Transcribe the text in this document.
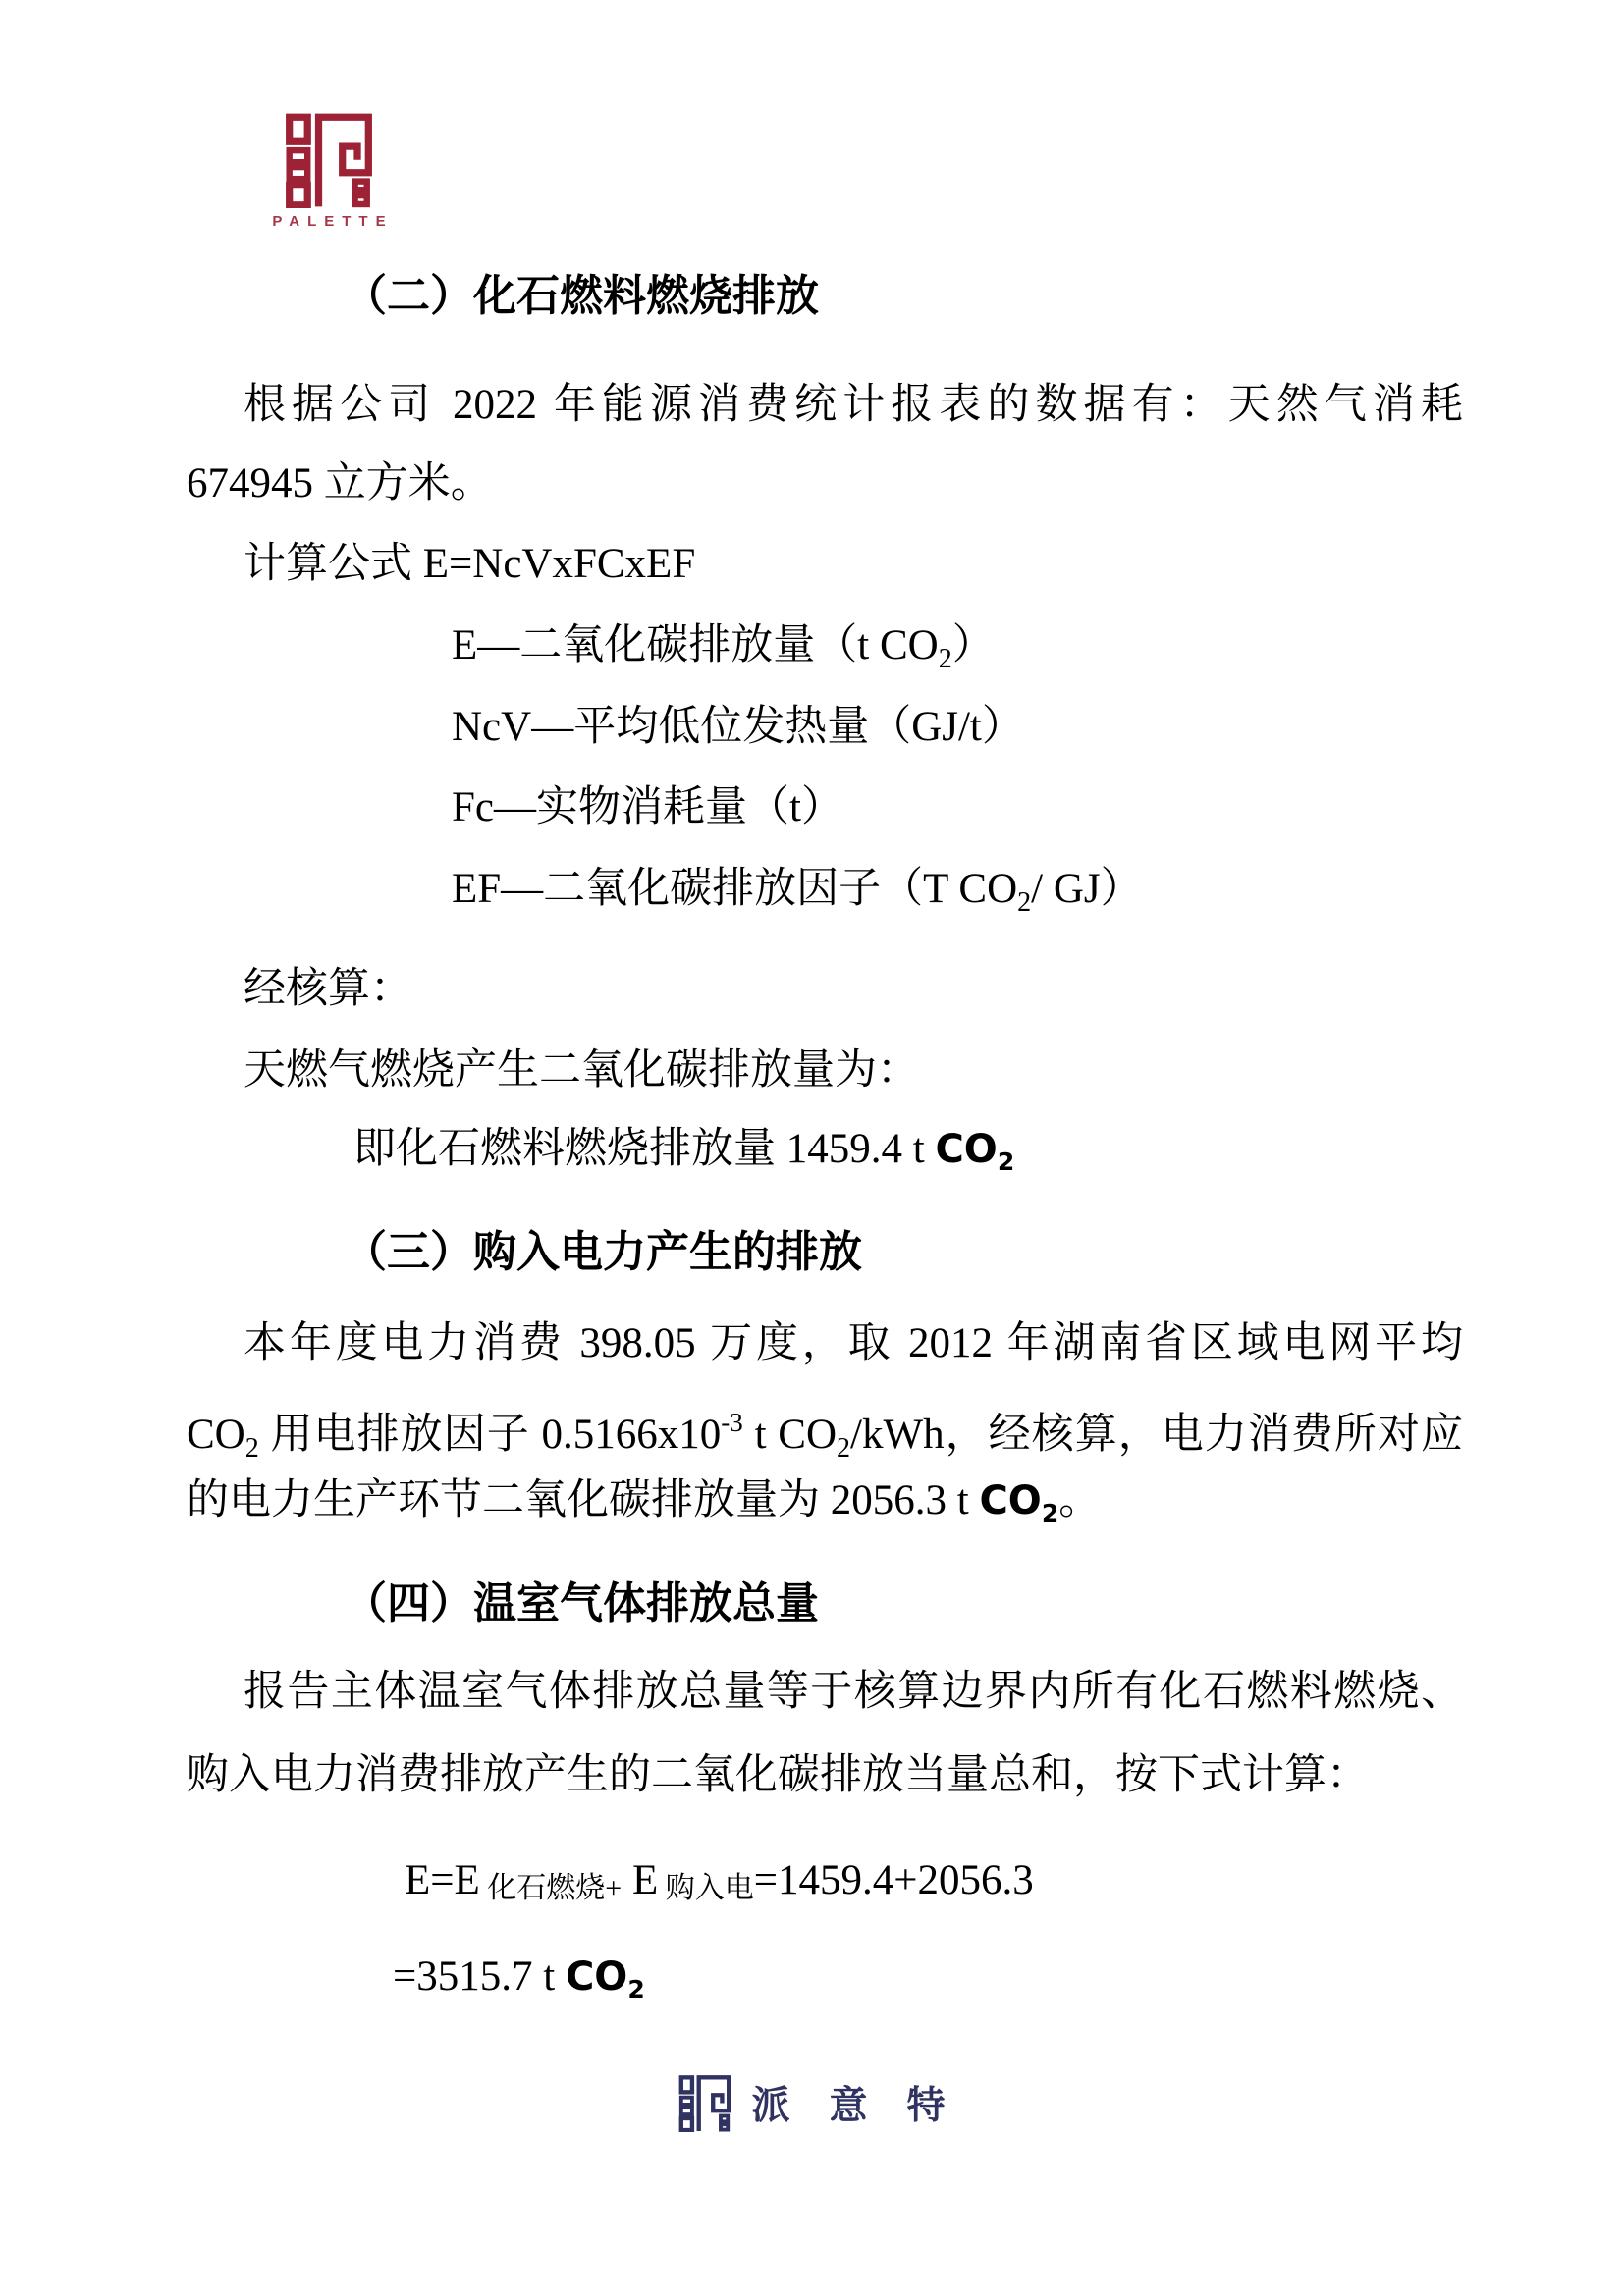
PALETTE
（二）化石燃料燃烧排放
根据公司 2022 年能源消费统计报表的数据有：天然气消耗
674945 立方米。
计算公式 E=NcVxFCxEF
E—二氧化碳排放量（t $CO_2$）
NcV—平均低位发热量（GJ/t）
Fc—实物消耗量（t）
EF—二氧化碳排放因子（T $CO_2/$ GJ）
经核算：
天燃气燃烧产生二氧化碳排放量为：
即化石燃料燃烧排放量 1459.4 t CO2
（三）购入电力产生的排放
本年度电力消费 398.05 万度，取 2012 年湖南省区域电网平均
$CO_2$ 用电排放因子 $0.5166x10^{-3}$ t $CO_2$/kWh，经核算，电力消费所对应
的电力生产环节二氧化碳排放量为 2056.3 t CO2。
（四）温室气体排放总量
报告主体温室气体排放总量等于核算边界内所有化石燃料燃烧、
购入电力消费排放产生的二氧化碳排放当量总和，按下式计算：
E=E 化石燃烧+ E 购入电=1459.4+2056.3
=3515.7 t CO2
派意特
